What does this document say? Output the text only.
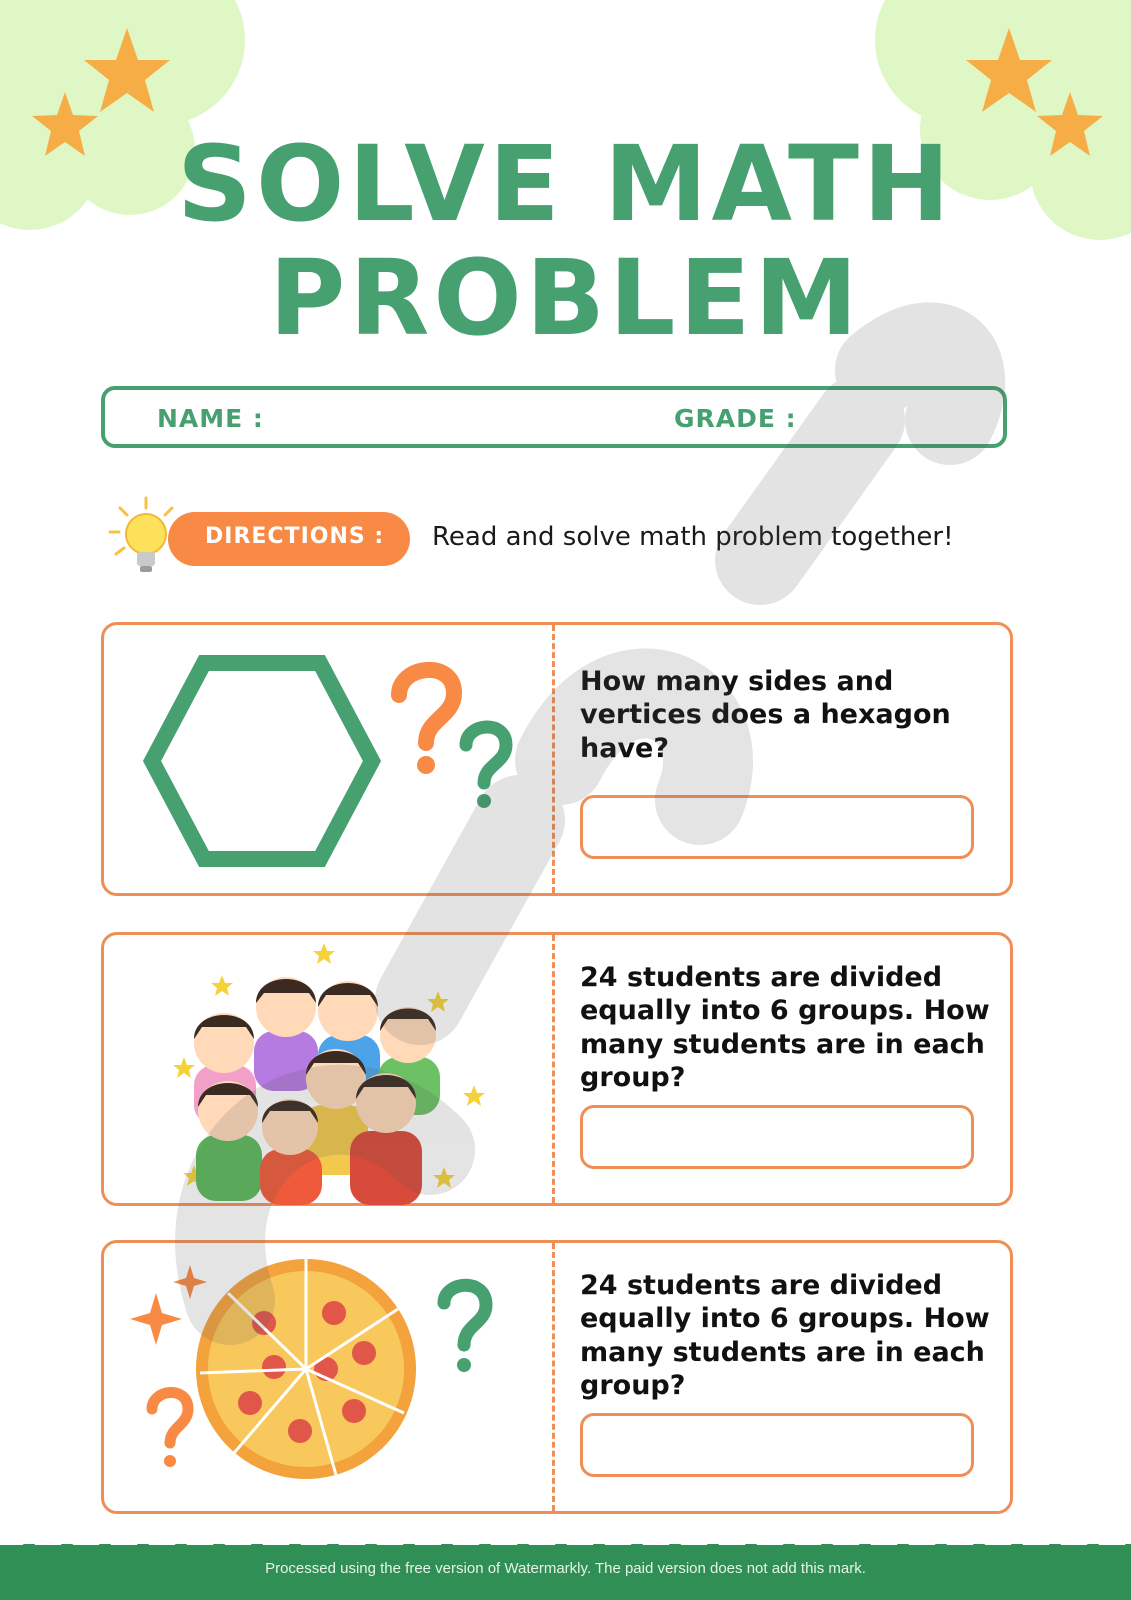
SOLVE MATH
PROBLEM
NAME :	GRADE :
DIRECTIONS : Read and solve math problem together!
How many sides and vertices does a hexagon have?
24 students are divided equally into 6 groups. How many students are in each group?
24 students are divided equally into 6 groups. How many students are in each group?
Processed using the free version of Watermarkly. The paid version does not add this mark.
